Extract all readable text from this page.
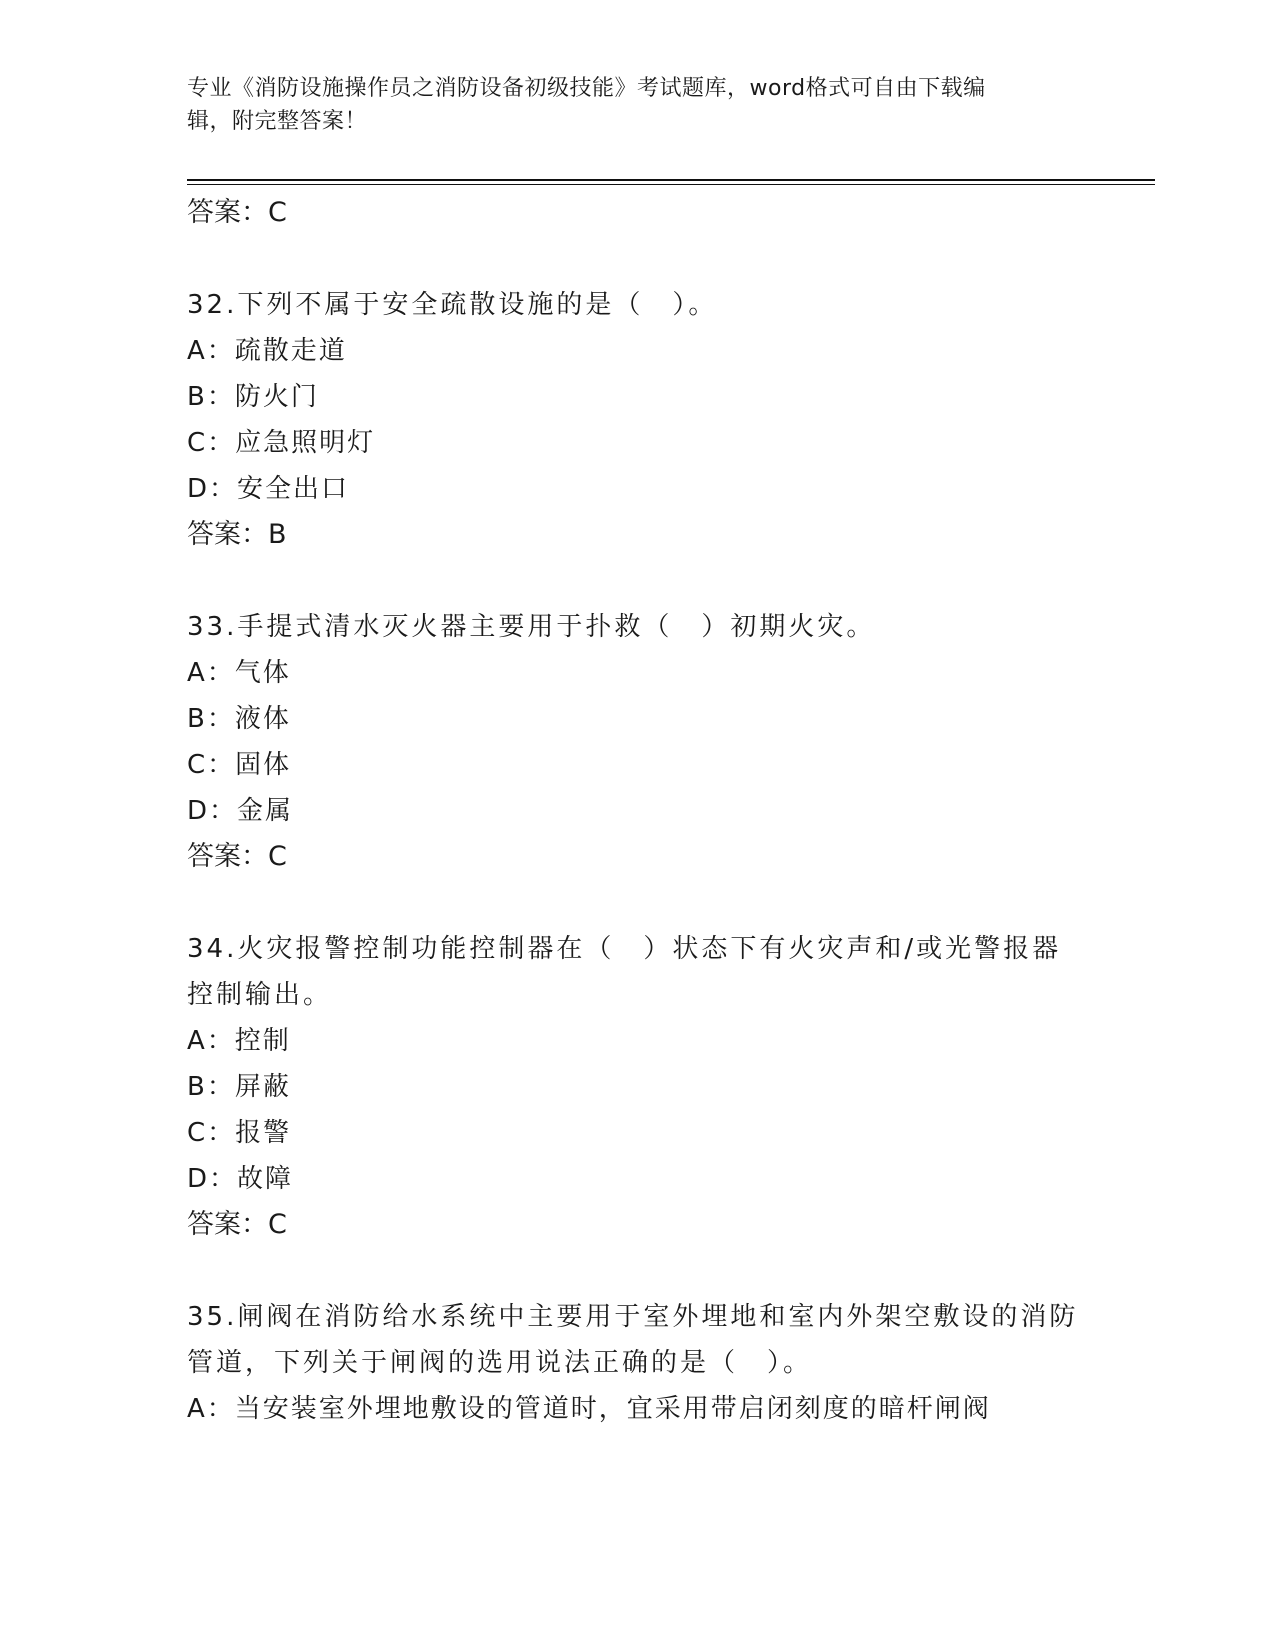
专业《消防设施操作员之消防设备初级技能》考试题库，word格式可自由下载编
辑，附完整答案！
答案：C
32.下列不属于安全疏散设施的是（　）。
A：疏散走道
B：防火门
C：应急照明灯
D：安全出口
答案：B
33.手提式清水灭火器主要用于扑救（　）初期火灾。
A：气体
B：液体
C：固体
D：金属
答案：C
34.火灾报警控制功能控制器在（　）状态下有火灾声和/或光警报器
控制输出。
A：控制
B：屏蔽
C：报警
D：故障
答案：C
35.闸阀在消防给水系统中主要用于室外埋地和室内外架空敷设的消防
管道，下列关于闸阀的选用说法正确的是（　）。
A：当安装室外埋地敷设的管道时，宜采用带启闭刻度的暗杆闸阀
